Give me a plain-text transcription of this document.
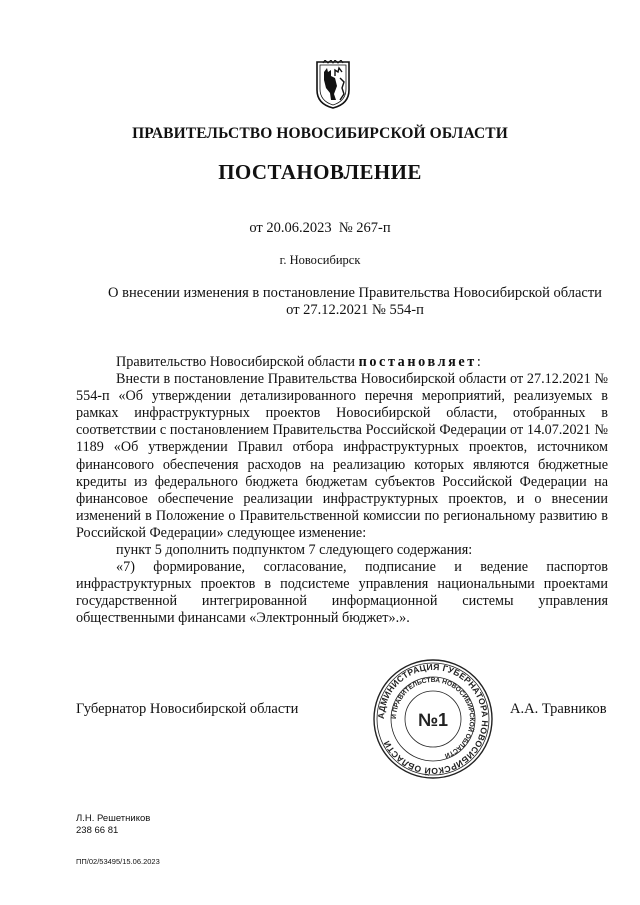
ПРАВИТЕЛЬСТВО НОВОСИБИРСКОЙ ОБЛАСТИ
ПОСТАНОВЛЕНИЕ
от 20.06.2023  № 267-п
г. Новосибирск
О внесении изменения в постановление Правительства Новосибирской области
от 27.12.2021 № 554-п

Правительство Новосибирской области постановляет:

Внести в постановление Правительства Новосибирской области от 27.12.2021 № 554-п «Об утверждении детализированного перечня мероприятий, реализуемых в рамках инфраструктурных проектов Новосибирской области, отобранных в соответствии с постановлением Правительства Российской Федерации от 14.07.2021 № 1189 «Об утверждении Правил отбора инфраструктурных проектов, источником финансового обеспечения расходов на реализацию которых являются бюджетные кредиты из федерального бюджета бюджетам субъектов Российской Федерации на финансовое обеспечение реализации инфраструктурных проектов, и о внесении изменений в Положение о Правительственной комиссии по региональному развитию в Российской Федерации» следующее изменение:

пункт 5 дополнить подпунктом 7 следующего содержания:

«7) формирование, согласование, подписание и ведение паспортов инфраструктурных проектов в подсистеме управления национальными проектами государственной интегрированной информационной системы управления общественными финансами «Электронный бюджет».».

Губернатор Новосибирской области	АДМИНИСТРАЦИЯ ГУБЕРНАТОРА НОВОСИБИРСКОЙ ОБЛАСТИ
И ПРАВИТЕЛЬСТВА НОВОСИБИРСКОЙ ОБЛАСТИ
№1
А.А. Травников
Л.Н. Решетников
238 66 81
ПП/02/53495/15.06.2023
